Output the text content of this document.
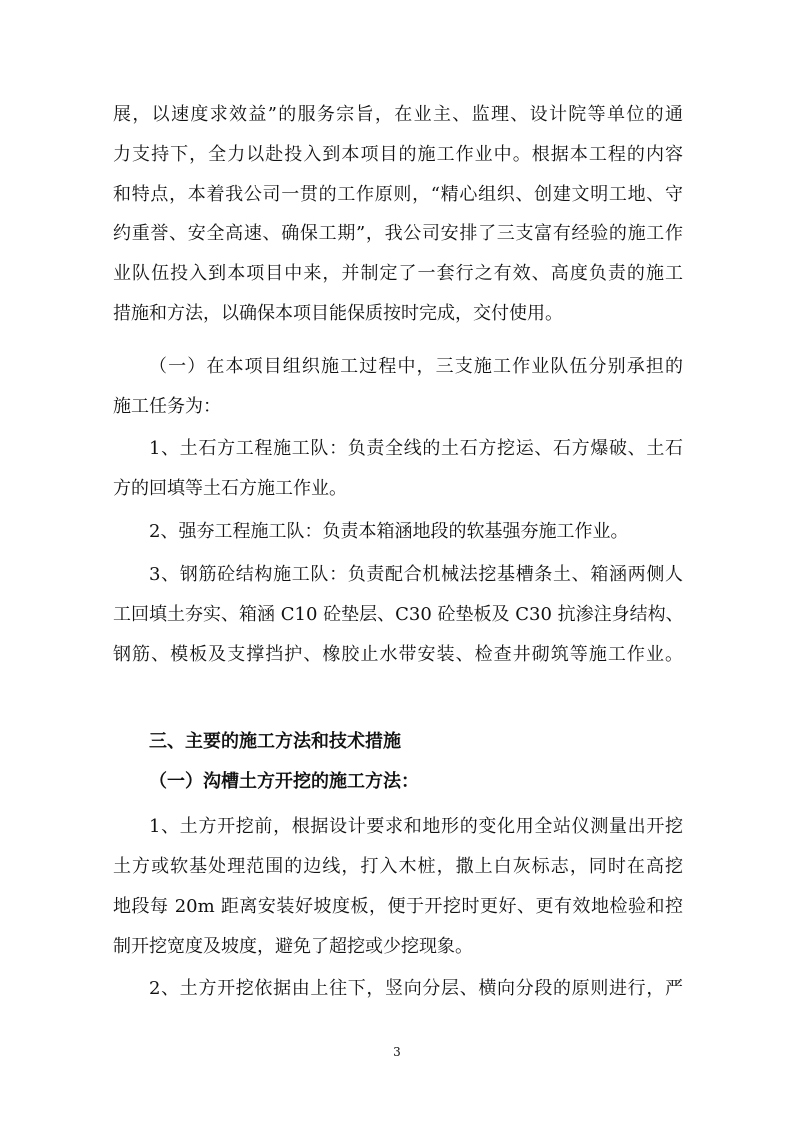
展，以速度求效益”的服务宗旨，在业主、监理、设计院等单位的通
力支持下，全力以赴投入到本项目的施工作业中。根据本工程的内容
和特点，本着我公司一贯的工作原则，“精心组织、创建文明工地、守
约重誉、安全高速、确保工期”，我公司安排了三支富有经验的施工作
业队伍投入到本项目中来，并制定了一套行之有效、高度负责的施工
措施和方法，以确保本项目能保质按时完成，交付使用。
（一）在本项目组织施工过程中，三支施工作业队伍分别承担的
施工任务为：
1、土石方工程施工队：负责全线的土石方挖运、石方爆破、土石
方的回填等土石方施工作业。
2、强夯工程施工队：负责本箱涵地段的软基强夯施工作业。
3、钢筋砼结构施工队：负责配合机械法挖基槽条土、箱涵两侧人
工回填土夯实、箱涵 C10 砼垫层、C30 砼垫板及 C30 抗渗注身结构、
钢筋、模板及支撑挡护、橡胶止水带安装、检查井砌筑等施工作业。
三、主要的施工方法和技术措施
（一）沟槽土方开挖的施工方法：
1、土方开挖前，根据设计要求和地形的变化用全站仪测量出开挖
土方或软基处理范围的边线，打入木桩，撒上白灰标志，同时在高挖
地段每 20m 距离安装好坡度板，便于开挖时更好、更有效地检验和控
制开挖宽度及坡度，避免了超挖或少挖现象。
2、土方开挖依据由上往下，竖向分层、横向分段的原则进行，严
3
